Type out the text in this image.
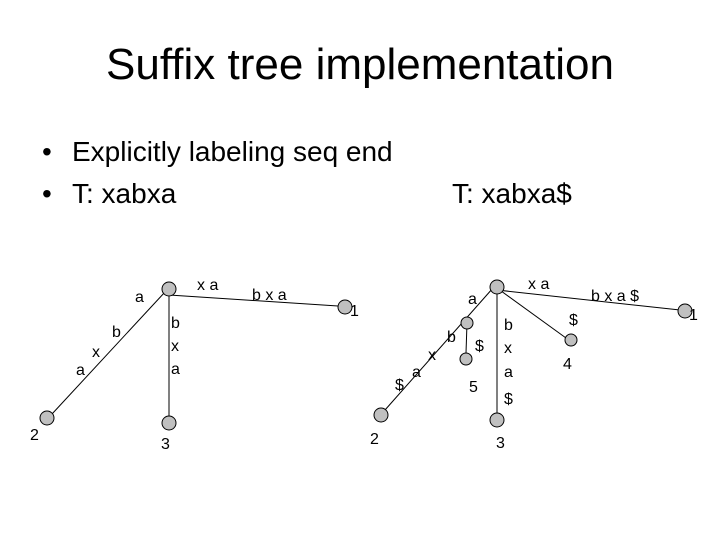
Suffix tree implementation
• Explicitly labeling seq end
• T: xabxa	T: xabxa$
x a
b x a
1
a
b
x
a
2
b
x
a
3
x a
b x a $
1
$
4
a
b
x
a
$
2
$
5
b
x
a
$
3
